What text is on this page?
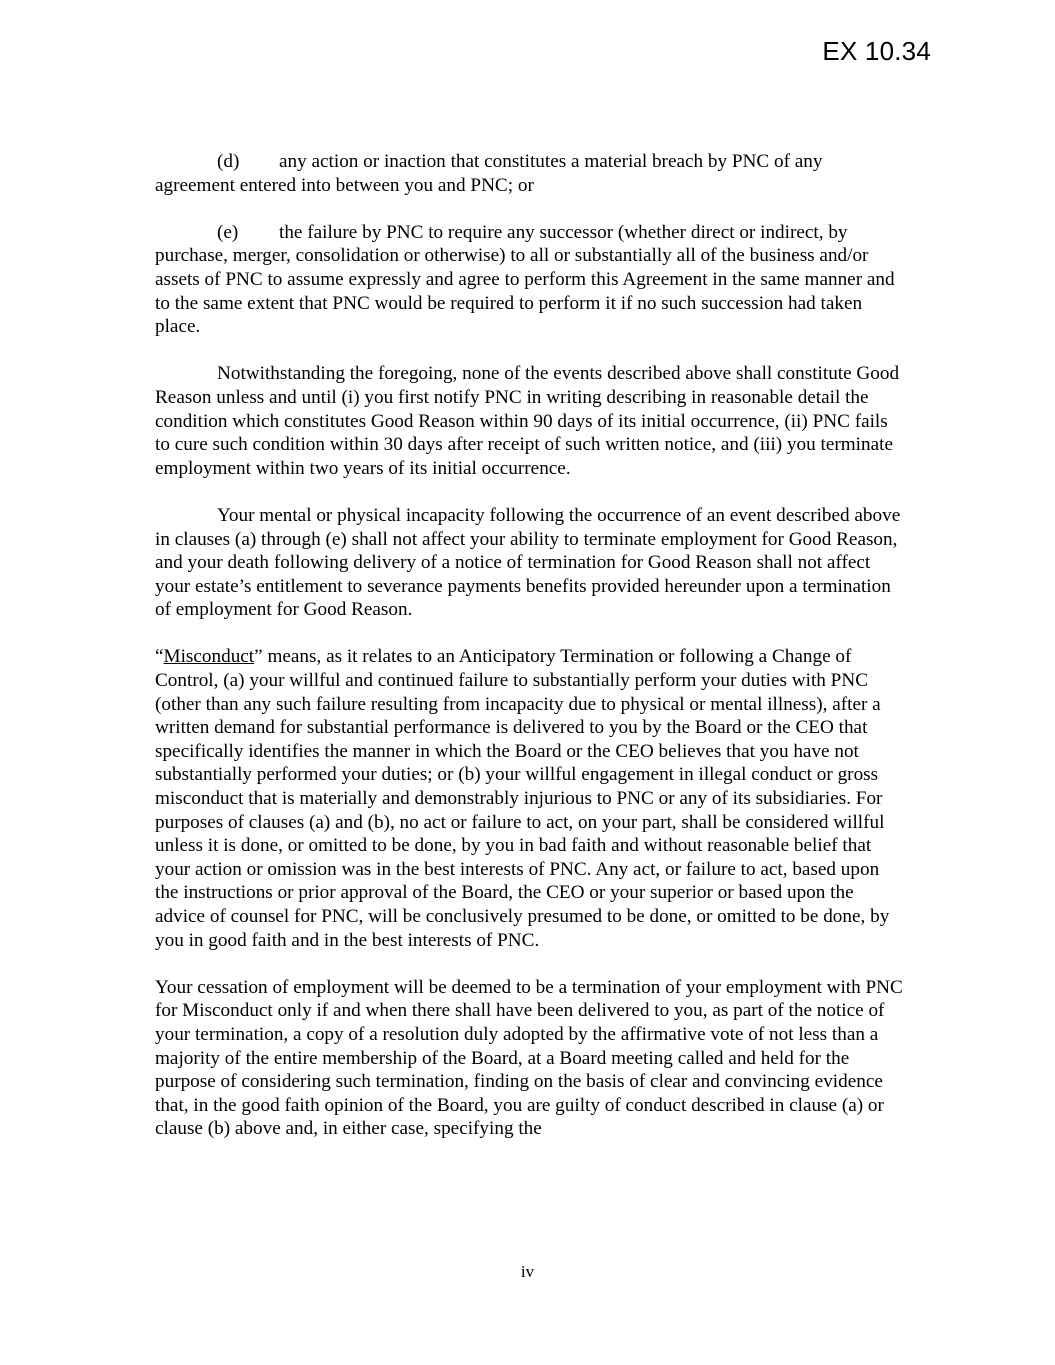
EX 10.34

(d) any action or inaction that constitutes a material breach by PNC of any agreement entered into between you and PNC; or

(e) the failure by PNC to require any successor (whether direct or indirect, by purchase, merger, consolidation or otherwise) to all or substantially all of the business and/or assets of PNC to assume expressly and agree to perform this Agreement in the same manner and to the same extent that PNC would be required to perform it if no such succession had taken place.

Notwithstanding the foregoing, none of the events described above shall constitute Good Reason unless and until (i) you first notify PNC in writing describing in reasonable detail the condition which constitutes Good Reason within 90 days of its initial occurrence, (ii) PNC fails to cure such condition within 30 days after receipt of such written notice, and (iii) you terminate employment within two years of its initial occurrence.

Your mental or physical incapacity following the occurrence of an event described above in clauses (a) through (e) shall not affect your ability to terminate employment for Good Reason, and your death following delivery of a notice of termination for Good Reason shall not affect your estate’s entitlement to severance payments benefits provided hereunder upon a termination of employment for Good Reason.

“Misconduct” means, as it relates to an Anticipatory Termination or following a Change of Control, (a) your willful and continued failure to substantially perform your duties with PNC (other than any such failure resulting from incapacity due to physical or mental illness), after a written demand for substantial performance is delivered to you by the Board or the CEO that specifically identifies the manner in which the Board or the CEO believes that you have not substantially performed your duties; or (b) your willful engagement in illegal conduct or gross misconduct that is materially and demonstrably injurious to PNC or any of its subsidiaries. For purposes of clauses (a) and (b), no act or failure to act, on your part, shall be considered willful unless it is done, or omitted to be done, by you in bad faith and without reasonable belief that your action or omission was in the best interests of PNC. Any act, or failure to act, based upon the instructions or prior approval of the Board, the CEO or your superior or based upon the advice of counsel for PNC, will be conclusively presumed to be done, or omitted to be done, by you in good faith and in the best interests of PNC.

Your cessation of employment will be deemed to be a termination of your employment with PNC for Misconduct only if and when there shall have been delivered to you, as part of the notice of your termination, a copy of a resolution duly adopted by the affirmative vote of not less than a majority of the entire membership of the Board, at a Board meeting called and held for the purpose of considering such termination, finding on the basis of clear and convincing evidence that, in the good faith opinion of the Board, you are guilty of conduct described in clause (a) or clause (b) above and, in either case, specifying the

iv
